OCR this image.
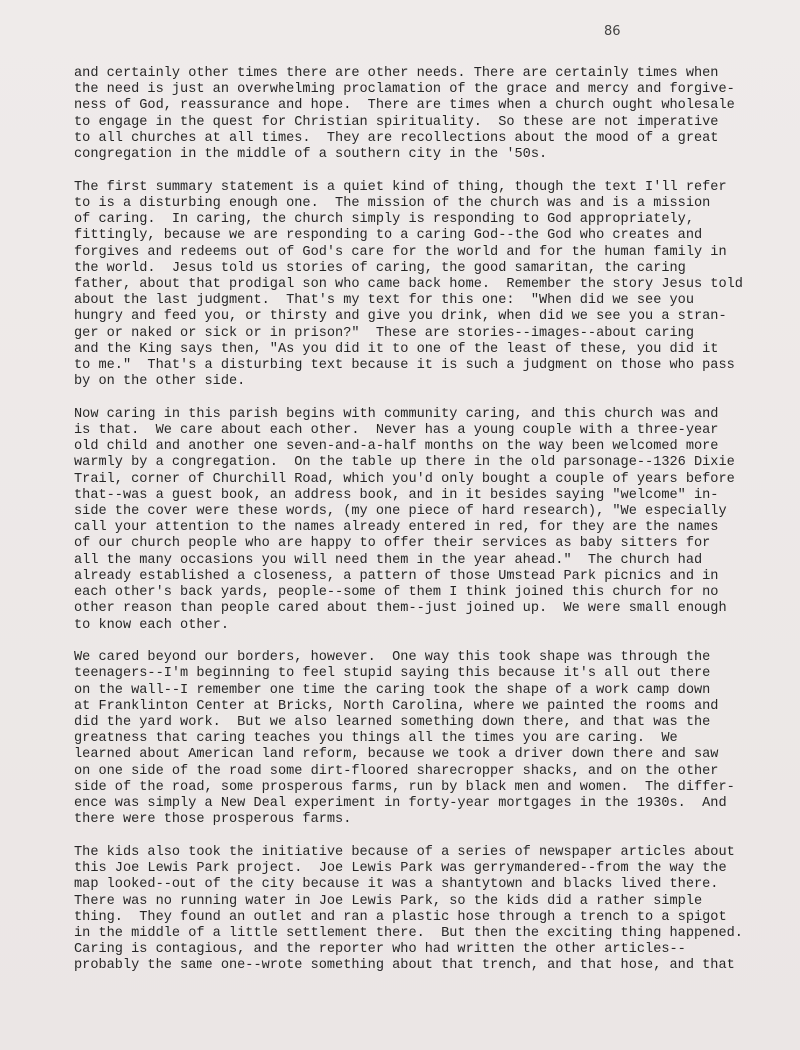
86
and certainly other times there are other needs. There are certainly times when
the need is just an overwhelming proclamation of the grace and mercy and forgive-
ness of God, reassurance and hope.  There are times when a church ought wholesale
to engage in the quest for Christian spirituality.  So these are not imperative
to all churches at all times.  They are recollections about the mood of a great
congregation in the middle of a southern city in the '50s.
The first summary statement is a quiet kind of thing, though the text I'll refer
to is a disturbing enough one.  The mission of the church was and is a mission
of caring.  In caring, the church simply is responding to God appropriately,
fittingly, because we are responding to a caring God--the God who creates and
forgives and redeems out of God's care for the world and for the human family in
the world.  Jesus told us stories of caring, the good samaritan, the caring
father, about that prodigal son who came back home.  Remember the story Jesus told
about the last judgment.  That's my text for this one:  "When did we see you
hungry and feed you, or thirsty and give you drink, when did we see you a stran-
ger or naked or sick or in prison?"  These are stories--images--about caring
and the King says then, "As you did it to one of the least of these, you did it
to me."  That's a disturbing text because it is such a judgment on those who pass
by on the other side.
Now caring in this parish begins with community caring, and this church was and
is that.  We care about each other.  Never has a young couple with a three-year
old child and another one seven-and-a-half months on the way been welcomed more
warmly by a congregation.  On the table up there in the old parsonage--1326 Dixie
Trail, corner of Churchill Road, which you'd only bought a couple of years before
that--was a guest book, an address book, and in it besides saying "welcome" in-
side the cover were these words, (my one piece of hard research), "We especially
call your attention to the names already entered in red, for they are the names
of our church people who are happy to offer their services as baby sitters for
all the many occasions you will need them in the year ahead."  The church had
already established a closeness, a pattern of those Umstead Park picnics and in
each other's back yards, people--some of them I think joined this church for no
other reason than people cared about them--just joined up.  We were small enough
to know each other.
We cared beyond our borders, however.  One way this took shape was through the
teenagers--I'm beginning to feel stupid saying this because it's all out there
on the wall--I remember one time the caring took the shape of a work camp down
at Franklinton Center at Bricks, North Carolina, where we painted the rooms and
did the yard work.  But we also learned something down there, and that was the
greatness that caring teaches you things all the times you are caring.  We
learned about American land reform, because we took a driver down there and saw
on one side of the road some dirt-floored sharecropper shacks, and on the other
side of the road, some prosperous farms, run by black men and women.  The differ-
ence was simply a New Deal experiment in forty-year mortgages in the 1930s.  And
there were those prosperous farms.
The kids also took the initiative because of a series of newspaper articles about
this Joe Lewis Park project.  Joe Lewis Park was gerrymandered--from the way the
map looked--out of the city because it was a shantytown and blacks lived there.
There was no running water in Joe Lewis Park, so the kids did a rather simple
thing.  They found an outlet and ran a plastic hose through a trench to a spigot
in the middle of a little settlement there.  But then the exciting thing happened.
Caring is contagious, and the reporter who had written the other articles--
probably the same one--wrote something about that trench, and that hose, and that
